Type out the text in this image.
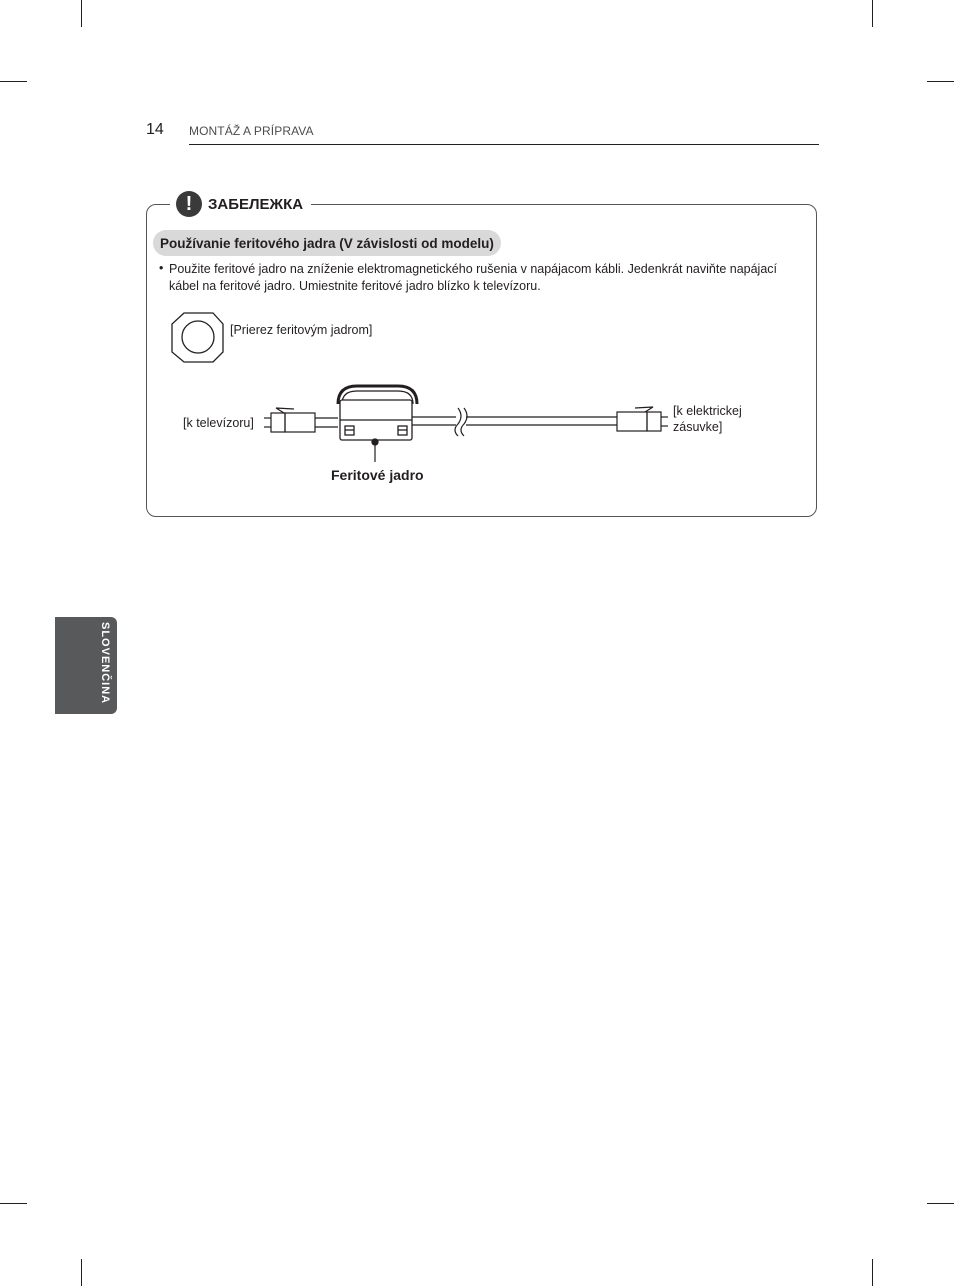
14 MONTÁŽ A PRÍPRAVA
!	ЗАБЕЛЕЖКА
Používanie feritového jadra (V závislosti od modelu)
• Použite feritové jadro na zníženie elektromagnetického rušenia v napájacom kábli. Jedenkrát naviňte napájací kábel na feritové jadro. Umiestnite feritové jadro blízko k televízoru.
[Prierez feritovým jadrom]
[k televízoru]
[k elektrickej zásuvke]
Feritové jadro
SLOVENČINA
